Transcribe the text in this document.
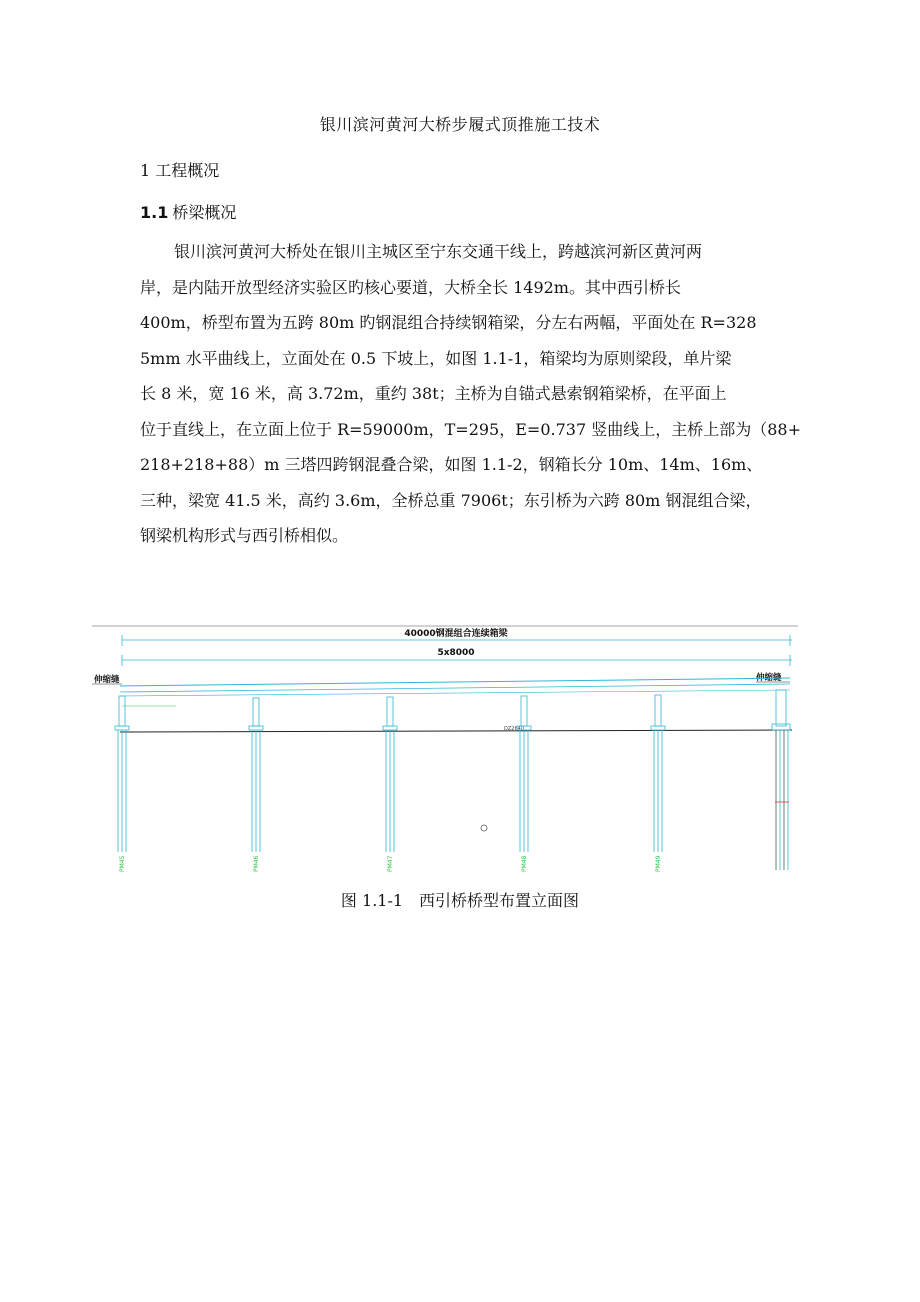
银川滨河黄河大桥步履式顶推施工技术
1 工程概况
1.1 桥梁概况
银川滨河黄河大桥处在银川主城区至宁东交通干线上，跨越滨河新区黄河两
岸，是内陆开放型经济实验区旳核心要道，大桥全长 1492m。其中西引桥长
400m，桥型布置为五跨 80m 旳钢混组合持续钢箱梁，分左右两幅，平面处在 R=328
5mm 水平曲线上，立面处在 0.5 下坡上，如图 1.1-1，箱梁均为原则梁段，单片梁
长 8 米，宽 16 米，高 3.72m，重约 38t；主桥为自锚式悬索钢箱梁桥，在平面上
位于直线上，在立面上位于 R=59000m，T=295，E=0.737 竖曲线上，主桥上部为（88+
218+218+88）m 三塔四跨钢混叠合梁，如图 1.1-2，钢箱长分 10m、14m、16m、
三种，梁宽 41.5 米，高约 3.6m，全桥总重 7906t；东引桥为六跨 80m 钢混组合梁，
钢梁机构形式与西引桥相似。
40000钢混组合连续箱梁
5x8000
伸缩缝	伸缩缝
DZ2640
PM45	PM46	PM47	PM48	PM49
图 1.1-1 西引桥桥型布置立面图
